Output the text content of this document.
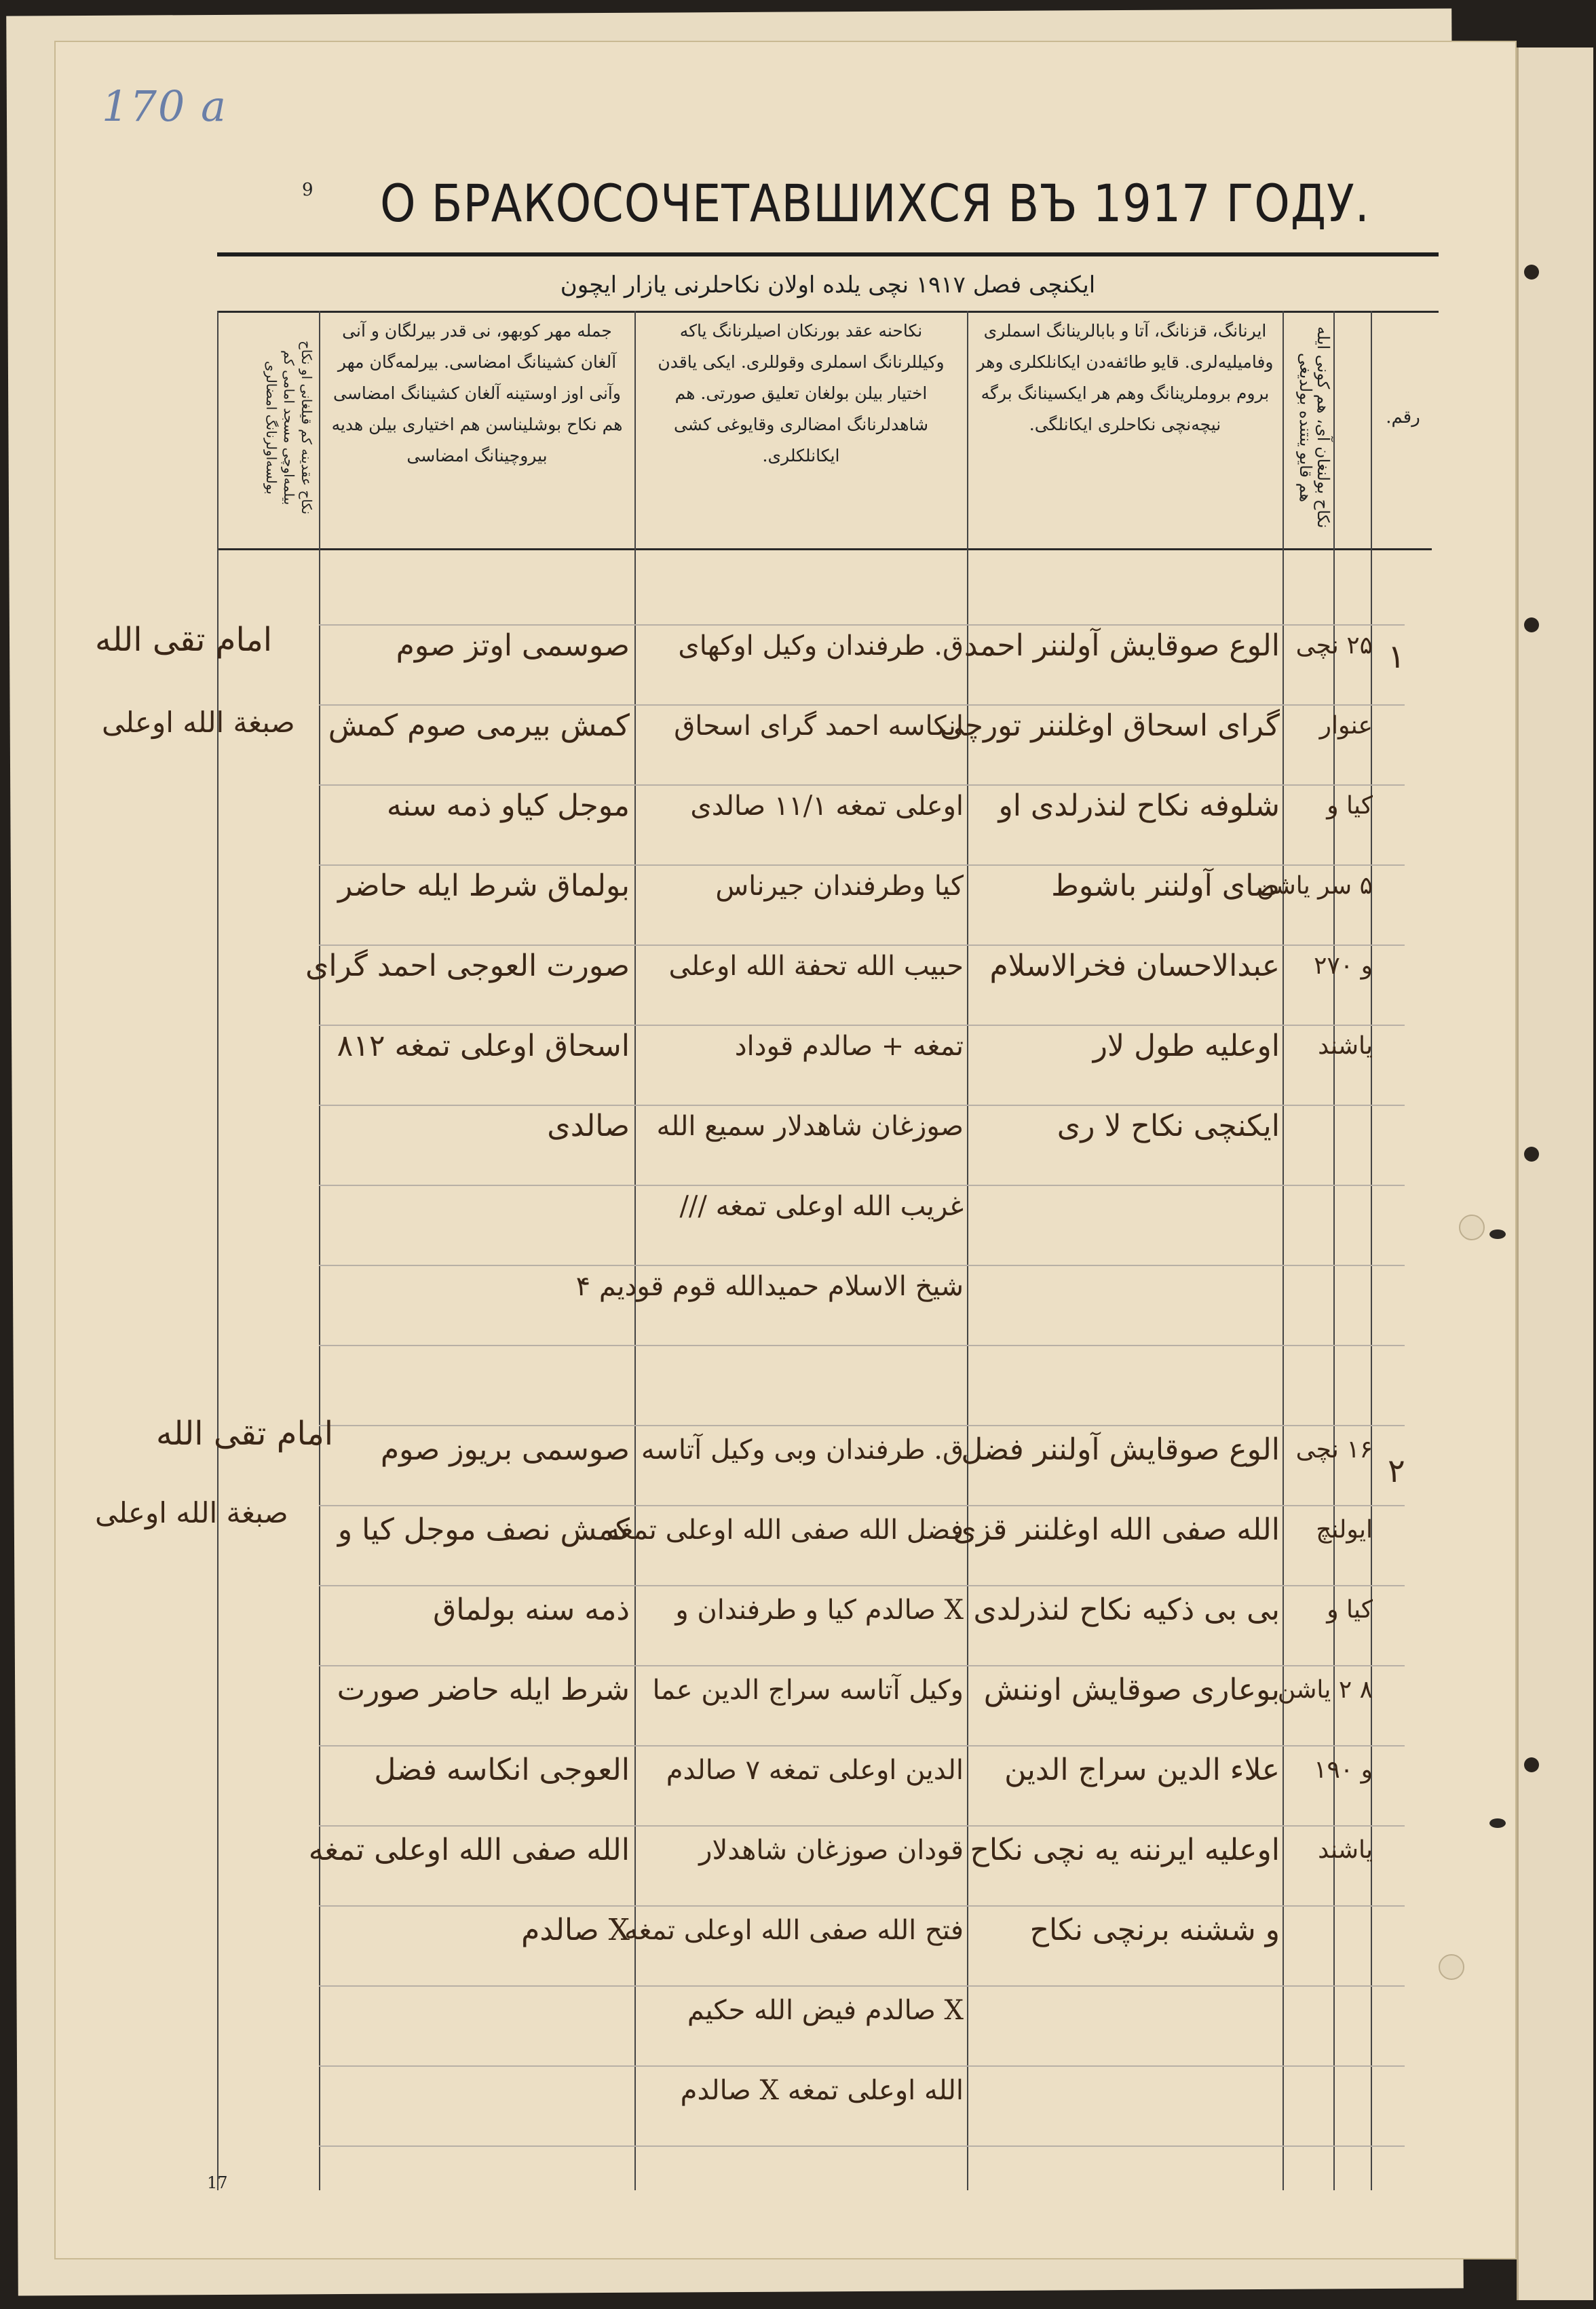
170 a
9 О БРАКОСОЧЕТАВШИХСЯ ВЪ 1917 ГОДУ.
ایکنچی فصل ۱۹۱۷ نچی یلده اولان نکاحلرنی یازار ایچون
نکاح عقدینه کم قیلغانی او نکاح بیلمه‌اوچی مسجد امامی کم بولسه‌اولرنانگ امضالری
جمله مهر کوبهو، نی قدر بیرلگان و آنی آلغان کشینانگ امضاسی. بیرلمه‌گان مهر وآنی اوز اوستینه آلغان کشینانگ امضاسی هم نکاح بوشلیناسن هم اختیاری بیلن هدیه بیروچینانگ امضاسی
نکاحنه عقد بورنکان اصیلرنانگ یاکه وکیللرنانگ اسملری وقوللری. ایکی یاقدن اختیار بیلن بولغان تعلیق صورتی. هم شاهدلرنانگ امضالری وقایوغی کشی ایکانلکلری.
ایرنانگ، قزنانگ، آتا و بابالرینانگ اسملری وفامیلیه‌لری. قایو طائفه‌دن ایکانلکلری وهر برو‌م برو‌ملرینانگ وهم هر ایکسینانگ برگه نیچه‌نچی نکاحلری ایکانلگی.	نکاح بولنغان آی، هم کونی ایله هم قایو ینتنده بولدیغی	رقم.
۱
۲
امام تقی الله
صبغة الله اوعلی
امام تقی الله
صبغة الله اوعلی
صوسمی اوتز صوم
کمش بیرمی صوم کمش
موجل کیاو ذمه سنه
بولماق شرط ایله حاضر
صورت العوجی احمد گرای
اسحاق اوعلی تمغه ۸۱۲
صالدی
ق. طرفندان وکیل اوکهای
انکاسه احمد گرای اسحاق
اوعلی تمغه ۱۱/۱ صالدی
کیا وطرفندان جیرناس
حبیب الله تحفة الله اوعلی
تمغه + صالدم قوداد
صوزغان شاهدلار سمیع الله
غریب الله اوعلی تمغه ///
شیخ الاسلام حمیدالله قوم قودیم ۴
الوع صوقایش آولننر احمد
گرای اسحاق اوغلننر تورچی
شلوفه نکاح لنذرلدی او
صای آولننر باشوط
عبدالاحسان فخرالاسلام
اوعلیه طول لار
ایکنچی نکاح لا ری
۲۵ نچی
عنوار
کیا و
۵ سر یاشن
و ۲۷۰
یاشند
صوسمی بریوز صوم
کمش نصف موجل کیا و
ذمه سنه بولماق
شرط ایله حاضر صورت
العوجی انکاسه فضل
الله صفی الله اوعلی تمغه
X صالدم
ق. طرفندان وبی وکیل آتاسه
فضل الله صفی الله اوعلی تمغه
X صالدم کیا و طرفندان و
وکیل آتاسه سراج الدین عما
الدین اوعلی تمغه ۷ صالدم
قودان صوزغان شاهدلار
فتح الله صفی الله اوعلی تمغه
X صالدم فیض الله حکیم
الله اوعلی تمغه X صالدم
الوع صوقایش آولننر فضل
الله صفی الله اوغلننر قزی
بی بی ذکیه نکاح لنذرلدی
بوعاری صوقایش اوننش
علاء الدین سراج الدین
اوعلیه ایرننه یه نچی نکاح
و ششنه برنچی نکاح
۱۶ نچی
ایولنچ
کیا و
۸ ۲ یاشن
و ۱۹۰
یاشند
17
